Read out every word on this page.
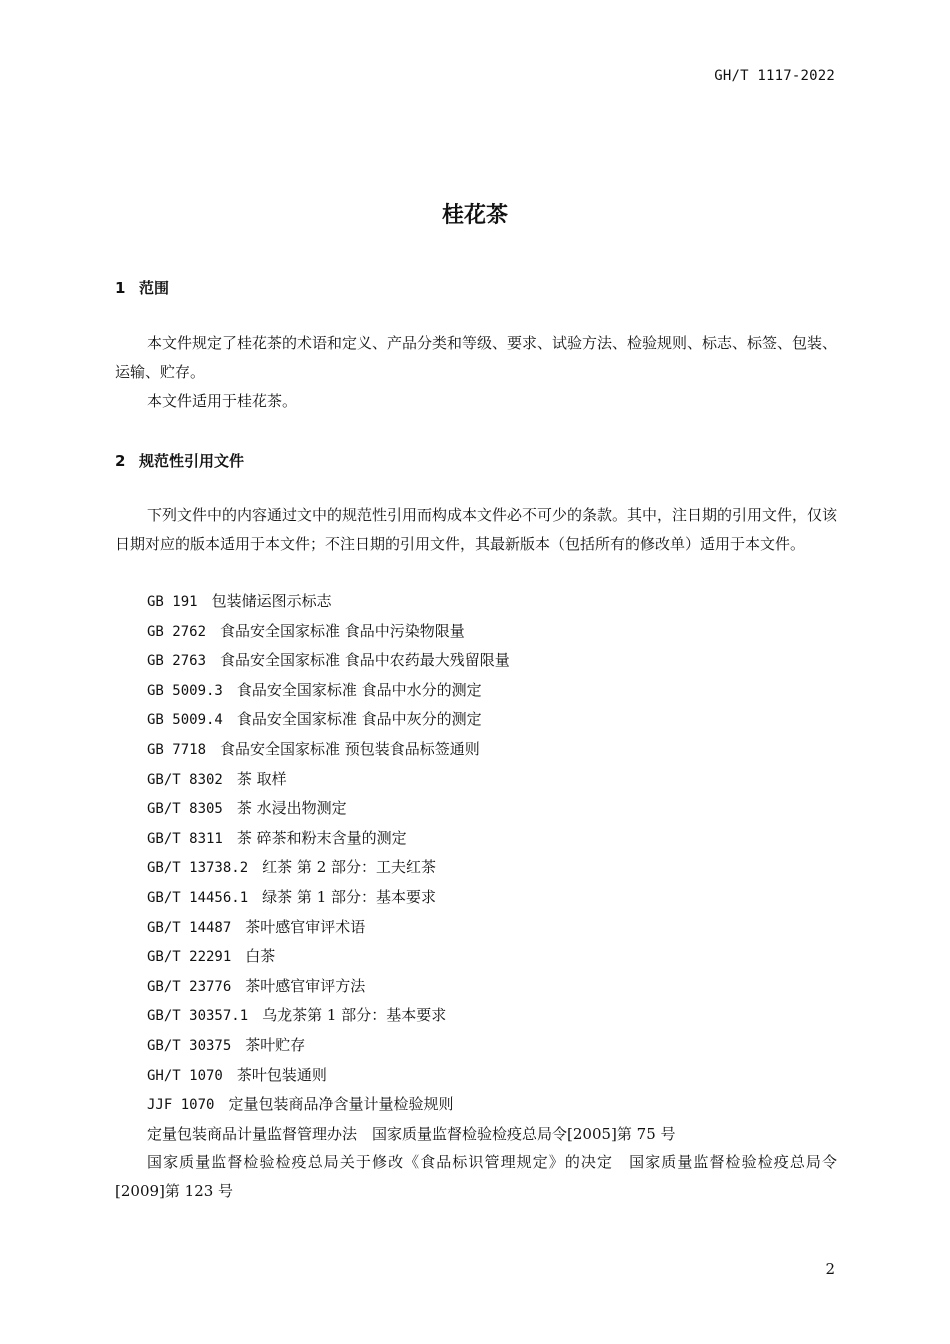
GH/T 1117-2022
桂花茶
1 范围

本文件规定了桂花茶的术语和定义、产品分类和等级、要求、试验方法、检验规则、标志、标签、包装、运输、贮存。

本文件适用于桂花茶。

2 规范性引用文件

下列文件中的内容通过文中的规范性引用而构成本文件必不可少的条款。其中，注日期的引用文件，仅该日期对应的版本适用于本文件；不注日期的引用文件，其最新版本（包括所有的修改单）适用于本文件。

GB 191 包装储运图示标志
GB 2762 食品安全国家标准 食品中污染物限量
GB 2763 食品安全国家标准 食品中农药最大残留限量
GB 5009.3 食品安全国家标准 食品中水分的测定
GB 5009.4 食品安全国家标准 食品中灰分的测定
GB 7718 食品安全国家标准 预包装食品标签通则
GB/T 8302 茶 取样
GB/T 8305 茶 水浸出物测定
GB/T 8311 茶 碎茶和粉末含量的测定
GB/T 13738.2 红茶 第 2 部分：工夫红茶
GB/T 14456.1 绿茶 第 1 部分：基本要求
GB/T 14487 茶叶感官审评术语
GB/T 22291 白茶
GB/T 23776 茶叶感官审评方法
GB/T 30357.1 乌龙茶第 1 部分：基本要求
GB/T 30375 茶叶贮存
GH/T 1070 茶叶包装通则
JJF 1070 定量包装商品净含量计量检验规则
定量包装商品计量监督管理办法　国家质量监督检验检疫总局令[2005]第 75 号
国家质量监督检验检疫总局关于修改《食品标识管理规定》的决定　国家质量监督检验检疫总局令[2009]第 123 号
2
